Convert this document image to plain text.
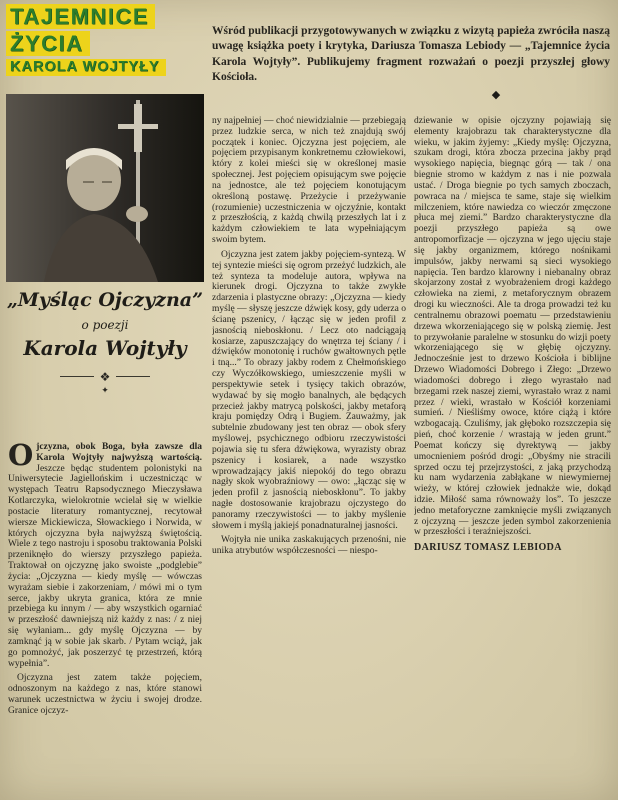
TAJEMNICE
ŻYCIA
KAROLA WOJTYŁY

Wśród publikacji przygotowywanych w związku z wizytą papieża zwróciła naszą uwagę książka poety i krytyka, Dariusza Tomasza Lebiody — „Tajemnice życia Karola Wojtyły”. Publikujemy fragment rozważań o poezji przyszłej głowy Kościoła.

◆
„Myśląc Ojczyzna”
o poezji
Karola Wojtyły
❖
✦

Ojczyzna, obok Boga, była zawsze dla Karola Wojtyły najwyższą wartością. Jeszcze będąc studentem polonistyki na Uniwersytecie Jagiellońskim i uczestnicząc w występach Teatru Rapsodycznego Mieczysława Kotlarczyka, wielokrotnie wcielał się w wielkie postacie literatury romantycznej, recytował wiersze Mickiewicza, Słowackiego i Norwida, w których ojczyzna była najwyższą świętością. Wiele z tego nastroju i sposobu traktowania Polski przeniknęło do wierszy przyszłego papieża. Traktował on ojczyznę jako swoiste „podglebie” życia: „Ojczyzna — kiedy myślę — wówczas wyrażam siebie i zakorzeniam, / mówi mi o tym serce, jakby ukryta granica, która ze mnie przebiega ku innym / — aby wszystkich ogarniać w przeszłość dawniejszą niż każdy z nas: / z niej się wyłaniam... gdy myślę Ojczyzna — by zamknąć ją w sobie jak skarb. / Pytam wciąż, jak go pomnożyć, jak poszerzyć tę przestrzeń, którą wypełnia”.

Ojczyzna jest zatem także pojęciem, odnoszonym na każdego z nas, które stanowi warunek uczestnictwa w życiu i swojej drodze. Granice ojczyz-

ny najpełniej — choć niewidzialnie — przebiegają przez ludzkie serca, w nich też znajdują swój początek i koniec. Ojczyzna jest pojęciem, ale pojęciem przypisanym konkretnemu człowiekowi, który z kolei mieści się w określonej masie społecznej. Jest pojęciem opisującym swe pojęcie na jednostce, ale też pojęciem konotującym określoną postawę. Przeżycie i przeżywanie (rozumienie) uczestniczenia w ojczyźnie, kontakt z przeszłością, z każdą chwilą przeszłych lat i z każdym człowiekiem te lata wypełniającym swoim bytem.

Ojczyzna jest zatem jakby pojęciem-syntezą. W tej syntezie mieści się ogrom przeżyć ludzkich, ale też synteza ta modeluje autora, wpływa na kierunek drogi. Ojczyzna to także zwykłe zdarzenia i plastyczne obrazy: „Ojczyzna — kiedy myślę — słyszę jeszcze dźwięk kosy, gdy uderza o ścianę pszenicy, / łącząc się w jeden profil z jasnością nieboskłonu. / Lecz oto nadciągają kosiarze, zapuszczający do wnętrza tej ściany / i dźwięków monotonię i ruchów gwałtownych pętle i tną...” To obrazy jakby rodem z Chełmońskiego czy Wyczółkowskiego, umieszczenie myśli w perspektywie setek i tysięcy takich obrazów, wydawać by się mogło banalnych, ale będących przecież jakby matrycą polskości, jakby metaforą kraju pomiędzy Odrą i Bugiem. Zauważmy, jak subtelnie zbudowany jest ten obraz — obok sfery myślowej, psychicznego odbioru rzeczywistości pojawia się tu sfera dźwiękowa, wyrazisty obraz pszenicy i kosiarek, a nade wszystko wprowadzający jakiś niepokój do tego obrazu nagły skok wyobraźniowy — owo: „łącząc się w jeden profil z jasnością nieboskłonu”. To jakby nagłe dostosowanie krajobrazu ojczystego do panoramy rzeczywistości — to jakby myślenie słowem i myślą jakiejś ponadnaturalnej jasności.

Wojtyła nie unika zaskakujących przenośni, nie unika atrybutów współczesności — niespo-

dziewanie w opisie ojczyzny pojawiają się elementy krajobrazu tak charakterystyczne dla wieku, w jakim żyjemy: „Kiedy myślę: Ojczyzna, szukam drogi, która zbocza przecina jakby prąd wysokiego napięcia, biegnąc górą — tak / ona biegnie stromo w każdym z nas i nie pozwala ustać. / Droga biegnie po tych samych zboczach, powraca na / miejsca te same, staje się wielkim milczeniem, które nawiedza co wieczór zmęczone płuca mej ziemi.” Bardzo charakterystyczne dla poezji przyszłego papieża są owe antropomorfizacje — ojczyzna w jego ujęciu staje się jakby organizmem, którego nośnikami impulsów, jakby nerwami są sieci wysokiego napięcia. Ten bardzo klarowny i niebanalny obraz skojarzony został z wyobrażeniem drogi każdego człowieka na ziemi, z metaforycznym obrazem drogi ku wieczności. Ale ta droga prowadzi też ku centralnemu obrazowi poematu — przedstawieniu drzewa wkorzeniającego się w polską ziemię. Jest to przywołanie paralelne w stosunku do wizji poety wkorzeniającego się w głębię ojczyzny. Jednocześnie jest to drzewo Kościoła i biblijne Drzewo Wiadomości Dobrego i Złego: „Drzewo wiadomości dobrego i złego wyrastało nad brzegami rzek naszej ziemi, wyrastało wraz z nami przez / wieki, wrastało w Kościół korzeniami sumień. / Nieśliśmy owoce, które ciążą i które wzbogacają. Czuliśmy, jak głęboko rozszczepia się pień, choć korzenie / wrastają w jeden grunt.” Poemat kończy się dyrektywą — jakby umocnieniem pośród drogi: „Obyśmy nie stracili sprzed oczu tej przejrzystości, z jaką przychodzą ku nam wydarzenia zabłąkane w niewymiernej wieży, w której człowiek jednakże wie, dokąd idzie. Miłość sama równoważy los”. To jeszcze jedno metaforyczne zamknięcie myśli związanych z ojczyzną — jeszcze jeden symbol zakorzenienia w przeszłości i teraźniejszości.

DARIUSZ TOMASZ LEBIODA
